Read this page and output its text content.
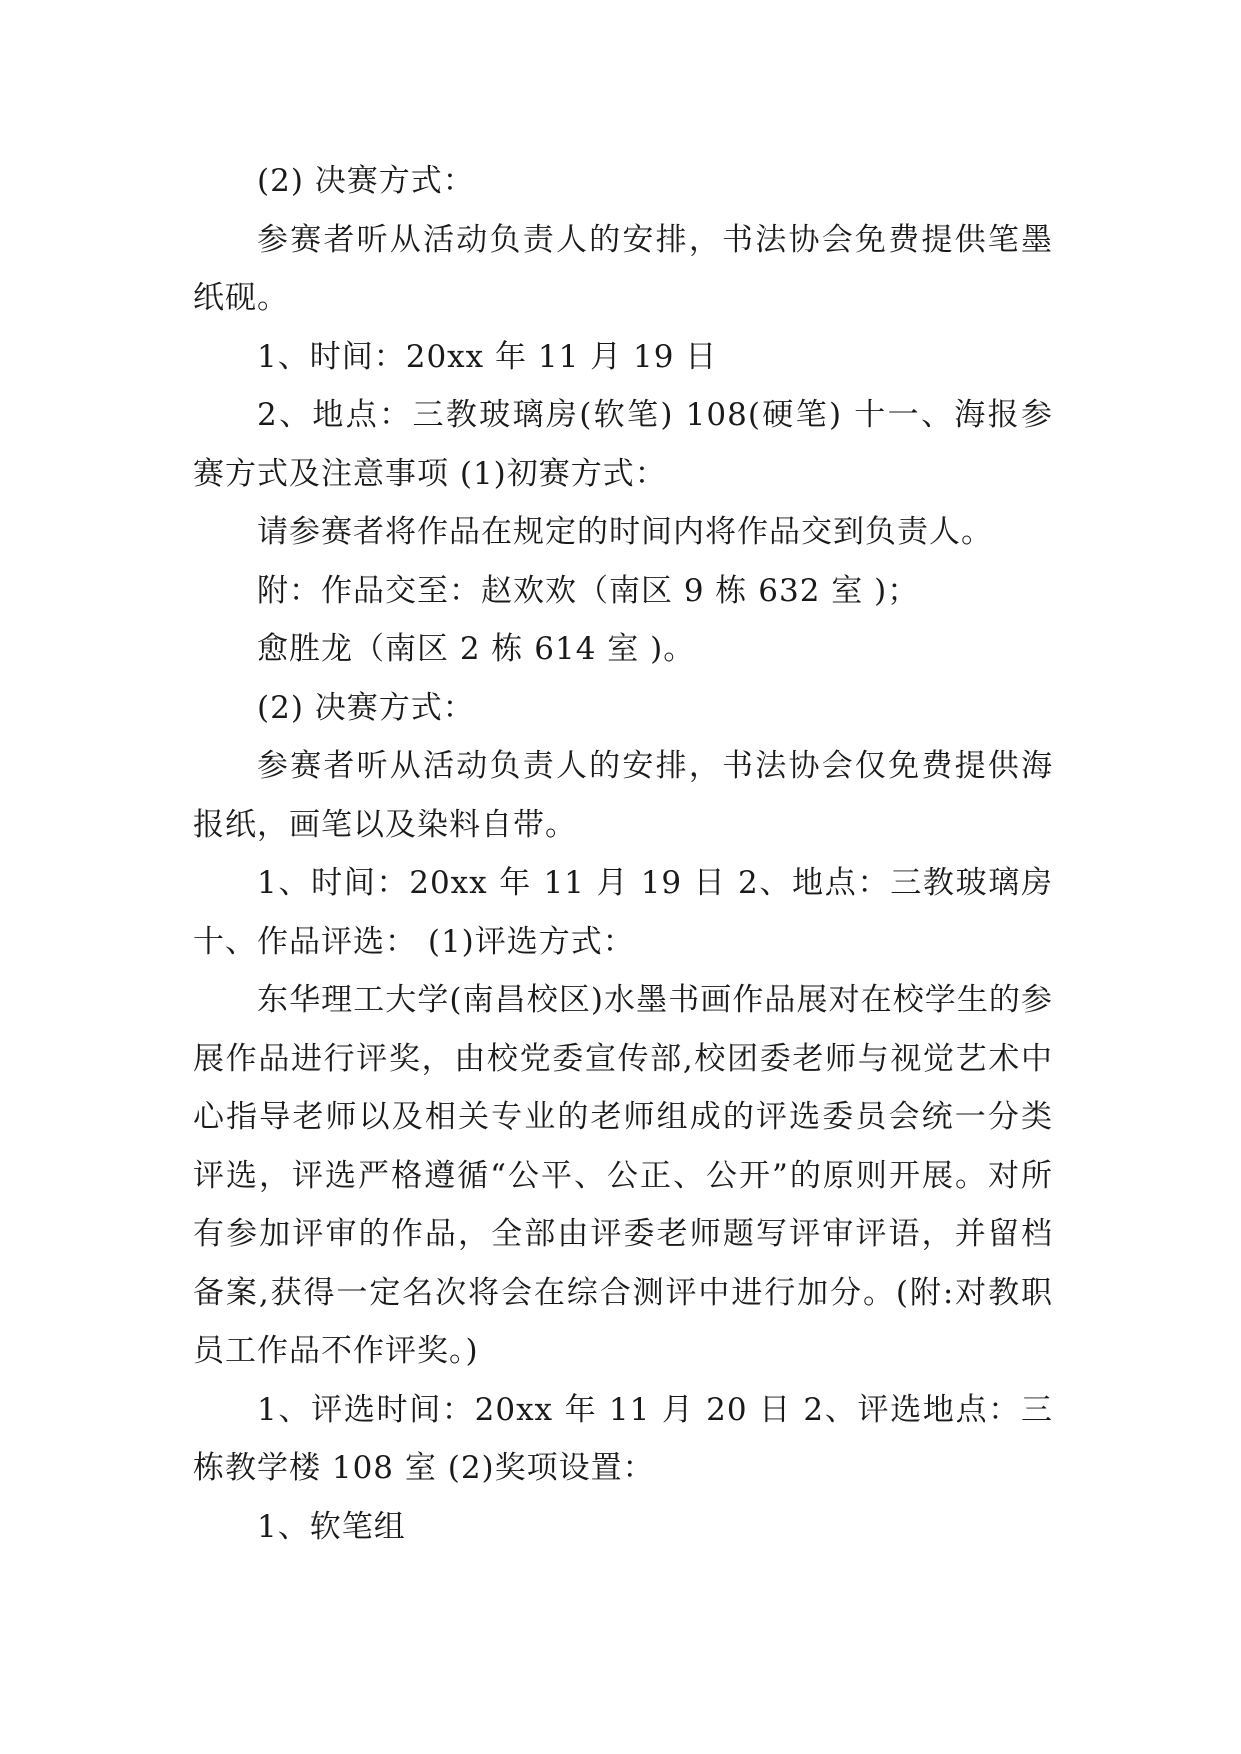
(2) 决赛方式：

参赛者听从活动负责人的安排，书法协会免费提供笔墨纸砚。

1、时间：20xx 年 11 月 19 日

2、地点：三教玻璃房(软笔) 108(硬笔) 十一、海报参赛方式及注意事项 (1)初赛方式：

请参赛者将作品在规定的时间内将作品交到负责人。

附：作品交至：赵欢欢（南区 9 栋 632 室 )；

愈胜龙（南区 2 栋 614 室 )。

(2) 决赛方式：

参赛者听从活动负责人的安排，书法协会仅免费提供海报纸，画笔以及染料自带。

1、时间：20xx 年 11 月 19 日 2、地点：三教玻璃房 十、作品评选： (1)评选方式：

东华理工大学(南昌校区)水墨书画作品展对在校学生的参展作品进行评奖，由校党委宣传部,校团委老师与视觉艺术中心指导老师以及相关专业的老师组成的评选委员会统一分类评选，评选严格遵循“公平、公正、公开”的原则开展。对所有参加评审的作品，全部由评委老师题写评审评语，并留档备案,获得一定名次将会在综合测评中进行加分。(附:对教职员工作品不作评奖。)

1、评选时间：20xx 年 11 月 20 日 2、评选地点：三栋教学楼 108 室 (2)奖项设置：

1、软笔组
